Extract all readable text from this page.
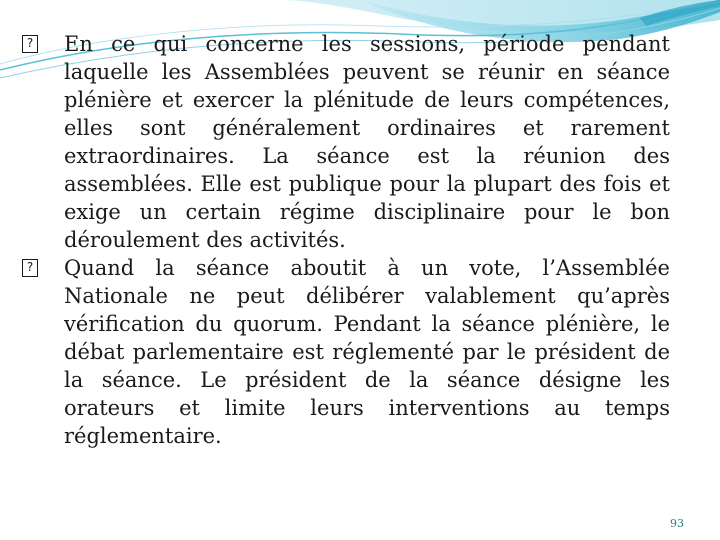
? En ce qui concerne les sessions, période pendant laquelle les Assemblées peuvent se réunir en séance plénière et exercer la plénitude de leurs compétences, elles sont généralement ordinaires et rarement extraordinaires. La séance est la réunion des assemblées. Elle est publique pour la plupart des fois et exige un certain régime disciplinaire pour le bon déroulement des activités.

? Quand la séance aboutit à un vote, l’Assemblée Nationale ne peut délibérer valablement qu’après vérification du quorum. Pendant la séance plénière, le débat parlementaire est réglementé par le président de la séance. Le président de la séance désigne les orateurs et limite leurs interventions au temps réglementaire.

93
